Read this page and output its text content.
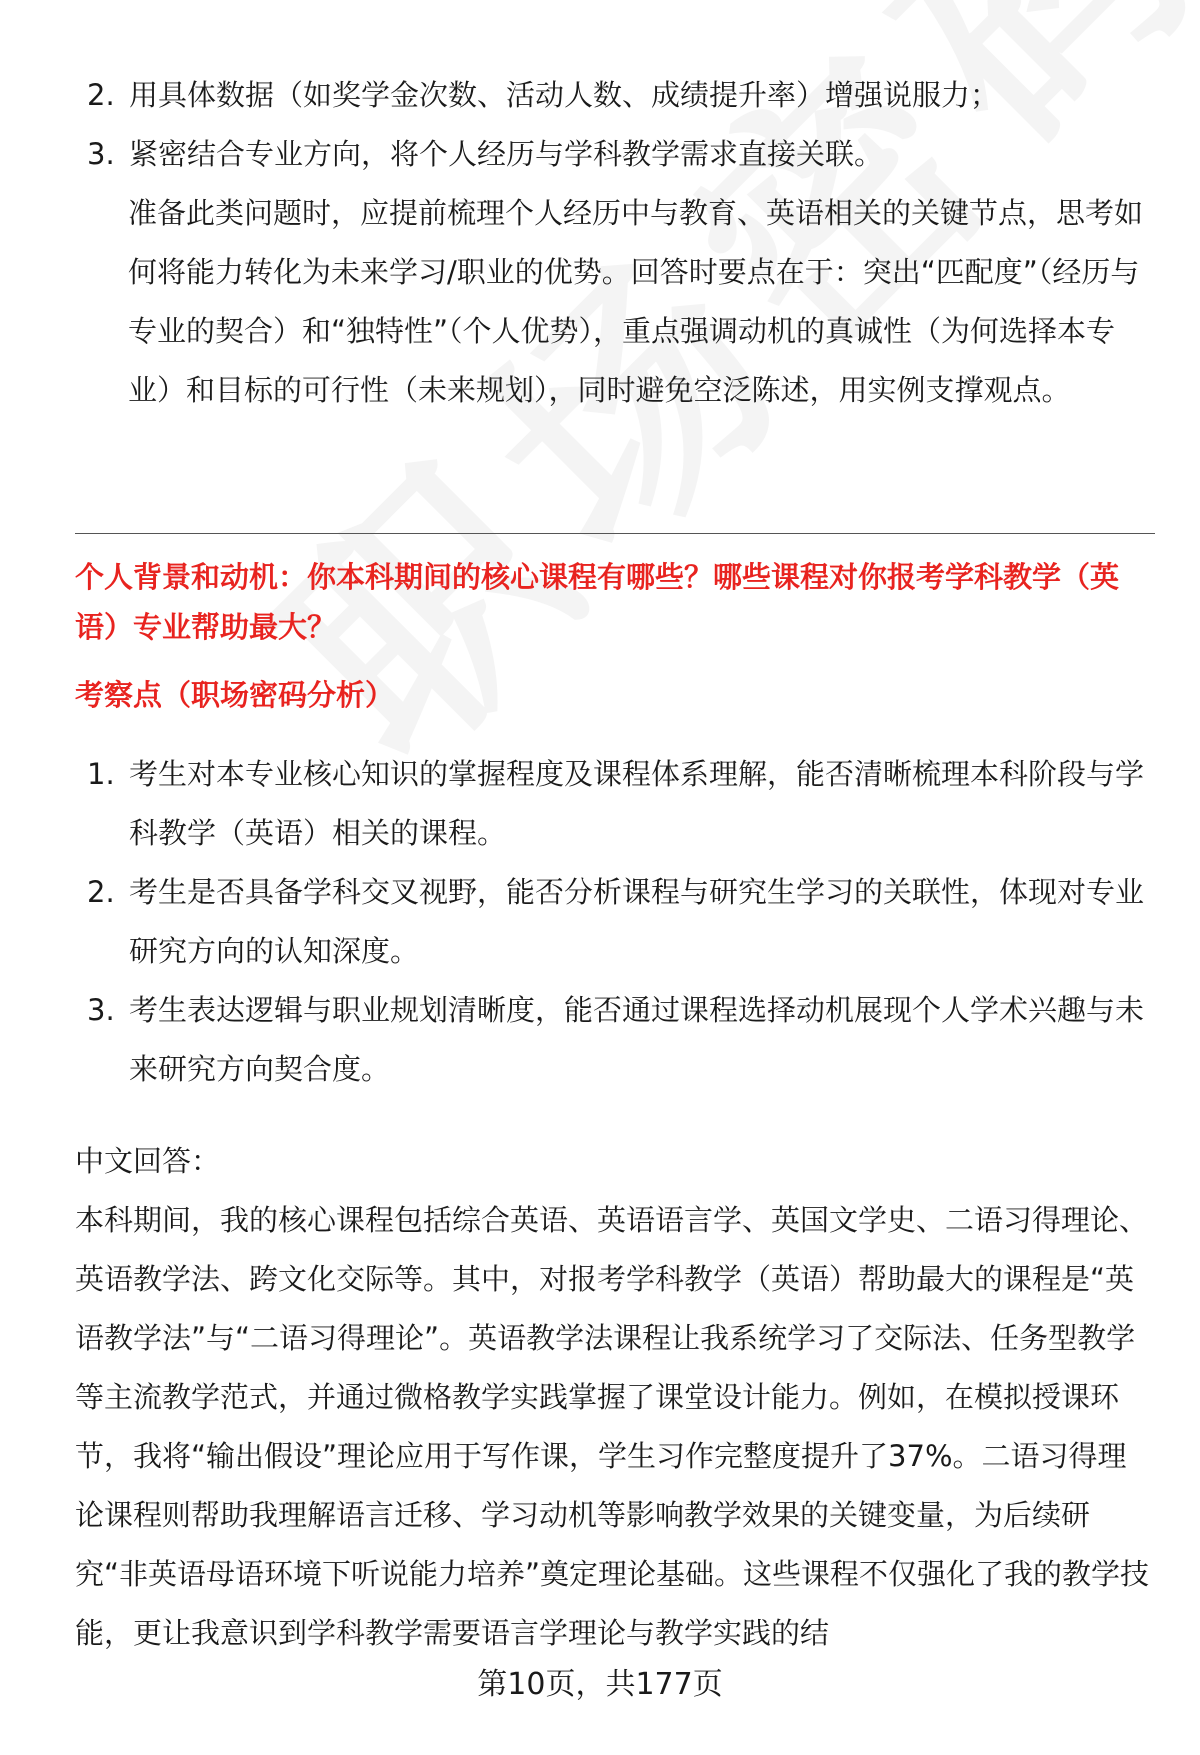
2. 用具体数据（如奖学金次数、活动人数、成绩提升率）增强说服力；
3. 紧密结合专业方向，将个人经历与学科教学需求直接关联。
准备此类问题时，应提前梳理个人经历中与教育、英语相关的关键节点，思考如何将能力转化为未来学习/职业的优势。回答时要点在于：突出“匹配度”（经历与专业的契合）和“独特性”（个人优势），重点强调动机的真诚性（为何选择本专业）和目标的可行性（未来规划），同时避免空泛陈述，用实例支撑观点。
个人背景和动机：你本科期间的核心课程有哪些？哪些课程对你报考学科教学（英语）专业帮助最大？
考察点（职场密码分析）
1. 考生对本专业核心知识的掌握程度及课程体系理解，能否清晰梳理本科阶段与学科教学（英语）相关的课程。
2. 考生是否具备学科交叉视野，能否分析课程与研究生学习的关联性，体现对专业研究方向的认知深度。
3. 考生表达逻辑与职业规划清晰度，能否通过课程选择动机展现个人学术兴趣与未来研究方向契合度。
中文回答：
本科期间，我的核心课程包括综合英语、英语语言学、英国文学史、二语习得理论、英语教学法、跨文化交际等。其中，对报考学科教学（英语）帮助最大的课程是“英语教学法”与“二语习得理论”。英语教学法课程让我系统学习了交际法、任务型教学等主流教学范式，并通过微格教学实践掌握了课堂设计能力。例如，在模拟授课环节，我将“输出假设”理论应用于写作课，学生习作完整度提升了37%。二语习得理论课程则帮助我理解语言迁移、学习动机等影响教学效果的关键变量，为后续研究“非英语母语环境下听说能力培养”奠定理论基础。这些课程不仅强化了我的教学技能，更让我意识到学科教学需要语言学理论与教学实践的结
第10页，共177页
